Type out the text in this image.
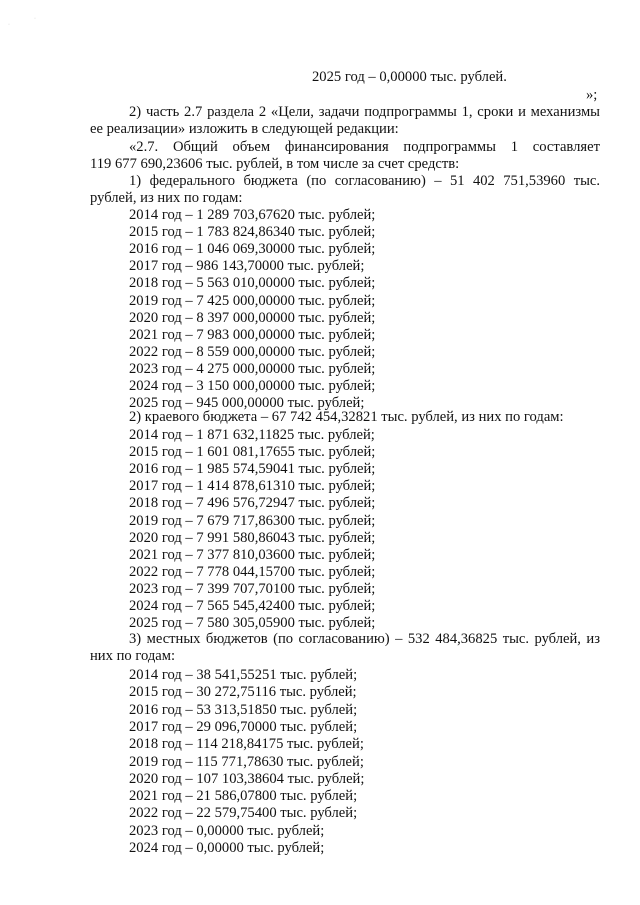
·
·
2025 год – 0,00000 тыс. рублей.
»;
2) часть 2.7 раздела 2 «Цели, задачи подпрограммы 1, сроки и механизмы
ее реализации» изложить в следующей редакции:
«2.7. Общий объем финансирования подпрограммы 1 составляет
119 677 690,23606 тыс. рублей, в том числе за счет средств:
1) федерального бюджета (по согласованию) – 51 402 751,53960 тыс.
рублей, из них по годам:
2014 год – 1 289 703,67620 тыс. рублей;
2015 год – 1 783 824,86340 тыс. рублей;
2016 год – 1 046 069,30000 тыс. рублей;
2017 год – 986 143,70000 тыс. рублей;
2018 год – 5 563 010,00000 тыс. рублей;
2019 год – 7 425 000,00000 тыс. рублей;
2020 год – 8 397 000,00000 тыс. рублей;
2021 год – 7 983 000,00000 тыс. рублей;
2022 год – 8 559 000,00000 тыс. рублей;
2023 год – 4 275 000,00000 тыс. рублей;
2024 год – 3 150 000,00000 тыс. рублей;
2025 год – 945 000,00000 тыс. рублей;
2) краевого бюджета – 67 742 454,32821 тыс. рублей, из них по годам:
2014 год – 1 871 632,11825 тыс. рублей;
2015 год – 1 601 081,17655 тыс. рублей;
2016 год – 1 985 574,59041 тыс. рублей;
2017 год – 1 414 878,61310 тыс. рублей;
2018 год – 7 496 576,72947 тыс. рублей;
2019 год – 7 679 717,86300 тыс. рублей;
2020 год – 7 991 580,86043 тыс. рублей;
2021 год – 7 377 810,03600 тыс. рублей;
2022 год – 7 778 044,15700 тыс. рублей;
2023 год – 7 399 707,70100 тыс. рублей;
2024 год – 7 565 545,42400 тыс. рублей;
2025 год – 7 580 305,05900 тыс. рублей;
3) местных бюджетов (по согласованию) – 532 484,36825 тыс. рублей, из
них по годам:
2014 год – 38 541,55251 тыс. рублей;
2015 год – 30 272,75116 тыс. рублей;
2016 год – 53 313,51850 тыс. рублей;
2017 год – 29 096,70000 тыс. рублей;
2018 год – 114 218,84175 тыс. рублей;
2019 год – 115 771,78630 тыс. рублей;
2020 год – 107 103,38604 тыс. рублей;
2021 год – 21 586,07800 тыс. рублей;
2022 год – 22 579,75400 тыс. рублей;
2023 год – 0,00000 тыс. рублей;
2024 год – 0,00000 тыс. рублей;
